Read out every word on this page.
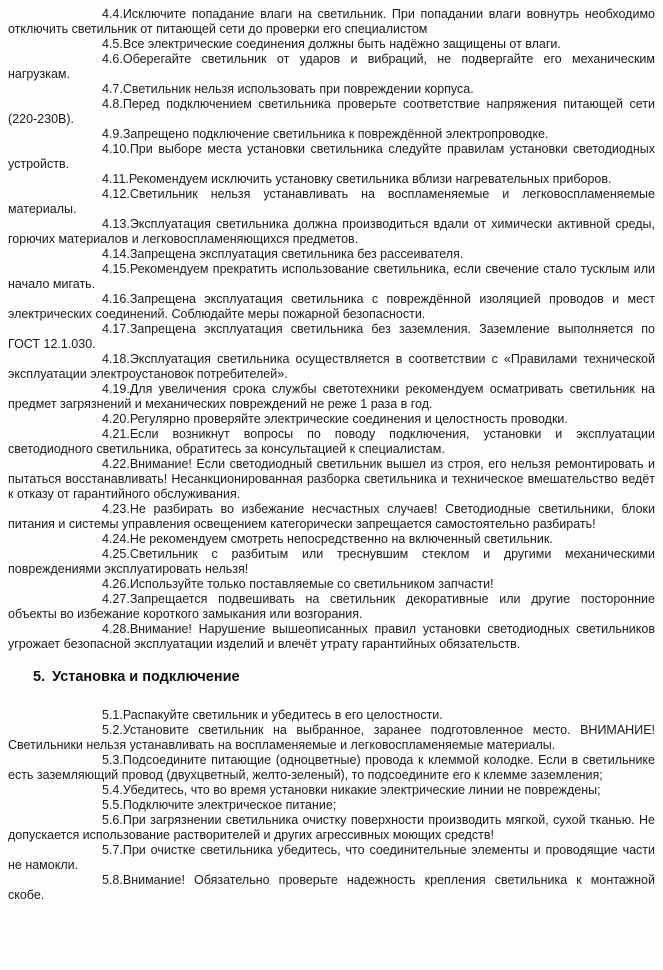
4.4.Исключите попадание влаги на светильник. При попадании влаги вовнутрь необходимо отключить светильник от питающей сети до проверки его специалистом

4.5.Все электрические соединения должны быть надёжно защищены от влаги.

4.6.Оберегайте светильник от ударов и вибраций, не подвергайте его механическим нагрузкам.

4.7.Светильник нельзя использовать при повреждении корпуса.

4.8.Перед подключением светильника проверьте соответствие напряжения питающей сети (220-230В).

4.9.Запрещено подключение светильника к повреждённой электропроводке.

4.10.При выборе места установки светильника следуйте правилам установки светодиодных устройств.

4.11.Рекомендуем исключить установку светильника вблизи нагревательных приборов.

4.12.Светильник нельзя устанавливать на воспламеняемые и легковоспламеняемые материалы.

4.13.Эксплуатация светильника должна производиться вдали от химически активной среды, горючих материалов и легковоспламеняющихся предметов.

4.14.Запрещена эксплуатация светильника без рассеивателя.

4.15.Рекомендуем прекратить использование светильника, если свечение стало тусклым или начало мигать.

4.16.Запрещена эксплуатация светильника с повреждённой изоляцией проводов и мест электрических соединений. Соблюдайте меры пожарной безопасности.

4.17.Запрещена эксплуатация светильника без заземления. Заземление выполняется по ГОСТ 12.1.030.

4.18.Эксплуатация светильника осуществляется в соответствии с «Правилами технической эксплуатации электроустановок потребителей».

4.19.Для увеличения срока службы светотехники рекомендуем осматривать светильник на предмет загрязнений и механических повреждений не реже 1 раза в год.

4.20.Регулярно проверяйте электрические соединения и целостность проводки.

4.21.Если возникнут вопросы по поводу подключения, установки и эксплуатации светодиодного светильника, обратитесь за консультацией к специалистам.

4.22.Внимание! Если светодиодный светильник вышел из строя, его нельзя ремонтировать и пытаться восстанавливать! Несанкционированная разборка светильника и техническое вмешательство ведёт к отказу от гарантийного обслуживания.

4.23.Не разбирать во избежание несчастных случаев! Светодиодные светильники, блоки питания и системы управления освещением категорически запрещается самостоятельно разбирать!

4.24.Не рекомендуем смотреть непосредственно на включенный светильник.

4.25.Светильник с разбитым или треснувшим стеклом и другими механическими повреждениями эксплуатировать нельзя!

4.26.Используйте только поставляемые со светильником запчасти!

4.27.Запрещается подвешивать на светильник декоративные или другие посторонние объекты во избежание короткого замыкания или возгорания.

4.28.Внимание! Нарушение вышеописанных правил установки светодиодных светильников угрожает безопасной эксплуатации изделий и влечёт утрату гарантийных обязательств.

5. Установка и подключение

5.1.Распакуйте светильник и убедитесь в его целостности.

5.2.Установите светильник на выбранное, заранее подготовленное место. ВНИМАНИЕ! Светильники нельзя устанавливать на воспламеняемые и легковоспламеняемые материалы.

5.3.Подсоедините питающие (одноцветные) провода к клеммой колодке. Если в светильнике есть заземляющий провод (двухцветный, желто-зеленый), то подсоедините его к клемме заземления;

5.4.Убедитесь, что во время установки никакие электрические линии не повреждены;

5.5.Подключите электрическое питание;

5.6.При загрязнении светильника очистку поверхности производить мягкой, сухой тканью. Не допускается использование растворителей и других агрессивных моющих средств!

5.7.При очистке светильника убедитесь, что соединительные элементы и проводящие части не намокли.

5.8.Внимание! Обязательно проверьте надежность крепления светильника к монтажной скобе.
